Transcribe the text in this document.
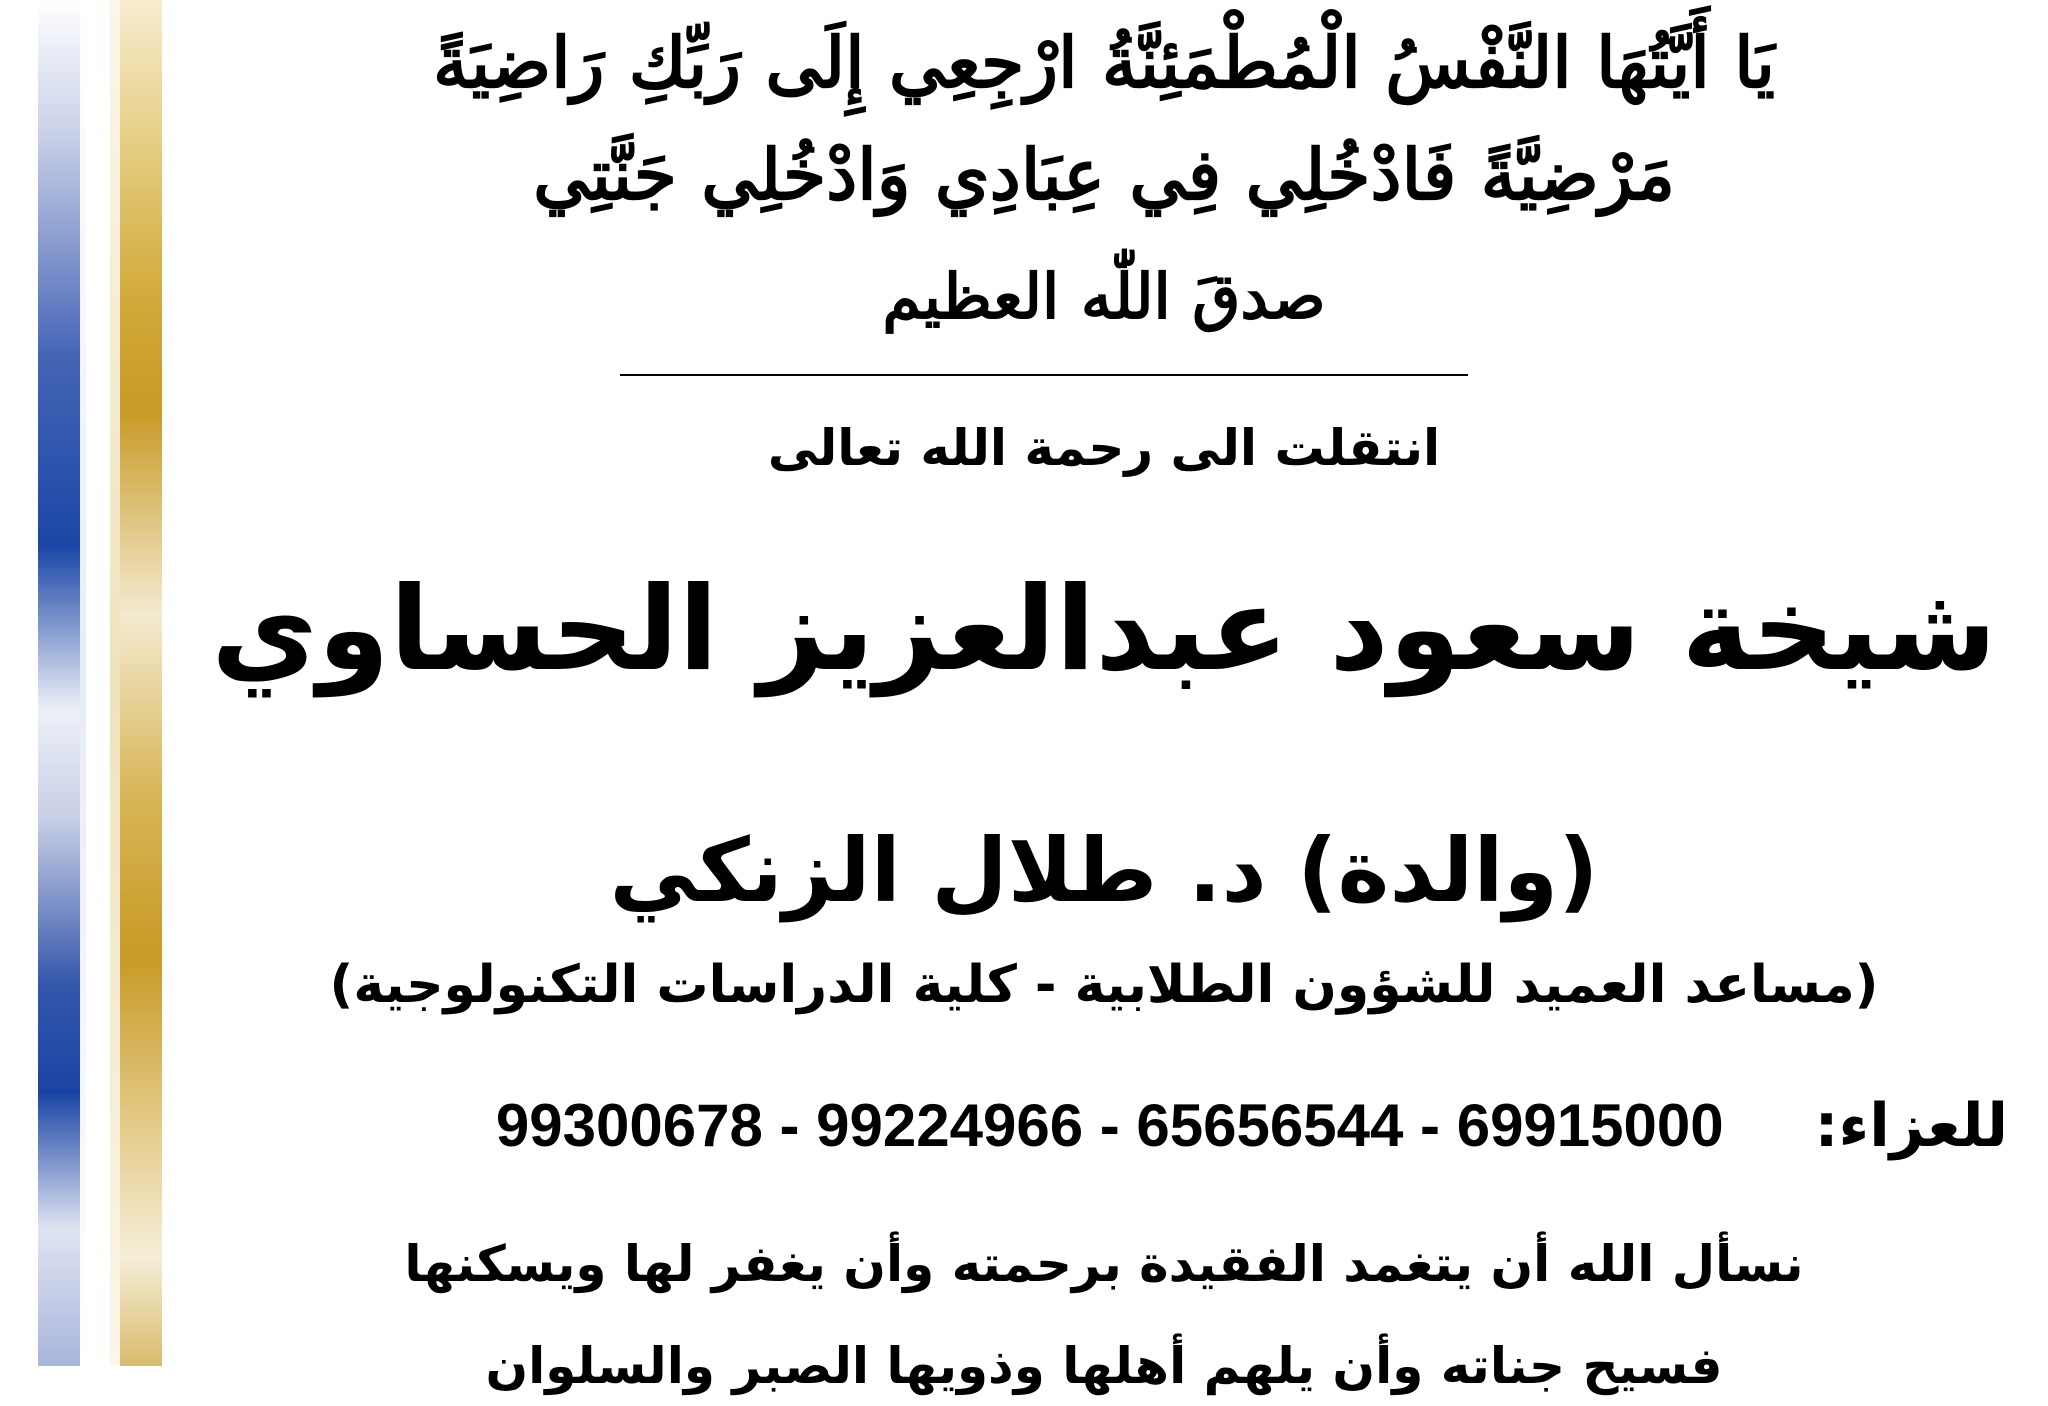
يَا أَيَّتُهَا النَّفْسُ الْمُطْمَئِنَّةُ ارْجِعِي إِلَى رَبِّكِ رَاضِيَةً
مَرْضِيَّةً فَادْخُلِي فِي عِبَادِي وَادْخُلِي جَنَّتِي
صدقَ اللّٰه العظيم
انتقلت الى رحمة الله تعالى
شيخة سعود عبدالعزيز الحساوي
(والدة) د. طلال الزنكي
(مساعد العميد للشؤون الطلابية - كلية الدراسات التكنولوجية)
للعزاء: 99300678 - 99224966 - 65656544 - 69915000
نسأل الله أن يتغمد الفقيدة برحمته وأن يغفر لها ويسكنها
فسيح جناته وأن يلهم أهلها وذويها الصبر والسلوان
